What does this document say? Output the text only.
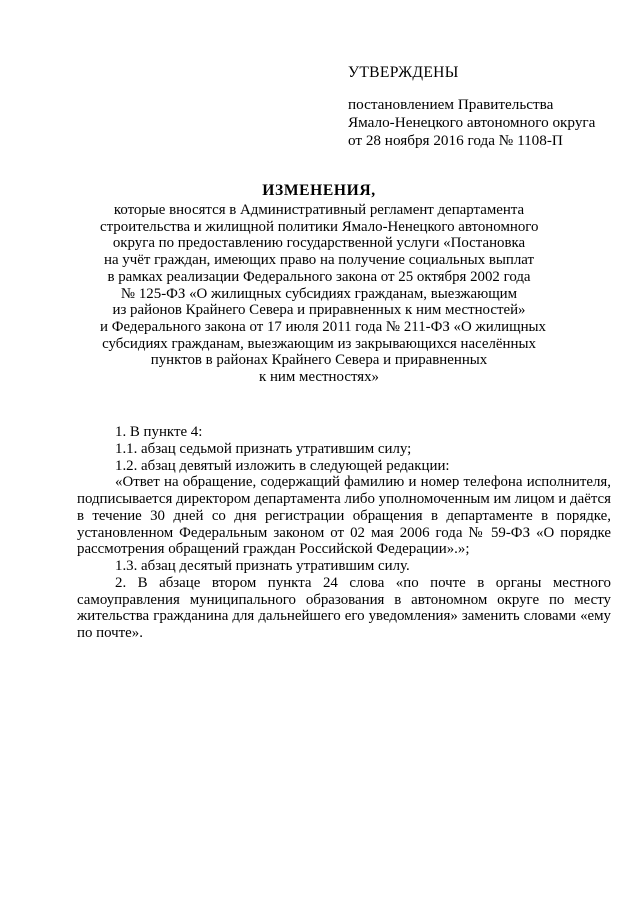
УТВЕРЖДЕНЫ
постановлением Правительства
Ямало-Ненецкого автономного округа
от 28 ноября 2016 года № 1108-П
ИЗМЕНЕНИЯ,
которые вносятся в Административный регламент департамента
строительства и жилищной политики Ямало-Ненецкого автономного
округа по предоставлению государственной услуги «Постановка
на учёт граждан, имеющих право на получение социальных выплат
в рамках реализации Федерального закона от 25 октября 2002 года
№ 125-ФЗ «О жилищных субсидиях гражданам, выезжающим
из районов Крайнего Севера и приравненных к ним местностей»
и Федерального закона от 17 июля 2011 года № 211-ФЗ «О жилищных
субсидиях гражданам, выезжающим из закрывающихся населённых
пунктов в районах Крайнего Севера и приравненных
к ним местностях»
1. В пункте 4:
1.1. абзац седьмой признать утратившим силу;
1.2. абзац девятый изложить в следующей редакции:
«Ответ на обращение, содержащий фамилию и номер телефона исполнителя, подписывается директором департамента либо уполномоченным им лицом и даётся в течение 30 дней со дня регистрации обращения в департаменте в порядке, установленном Федеральным законом от 02 мая 2006 года № 59-ФЗ «О порядке рассмотрения обращений граждан Российской Федерации».»;
1.3. абзац десятый признать утратившим силу.
2. В абзаце втором пункта 24 слова «по почте в органы местного самоуправления муниципального образования в автономном округе по месту жительства гражданина для дальнейшего его уведомления» заменить словами «ему по почте».
